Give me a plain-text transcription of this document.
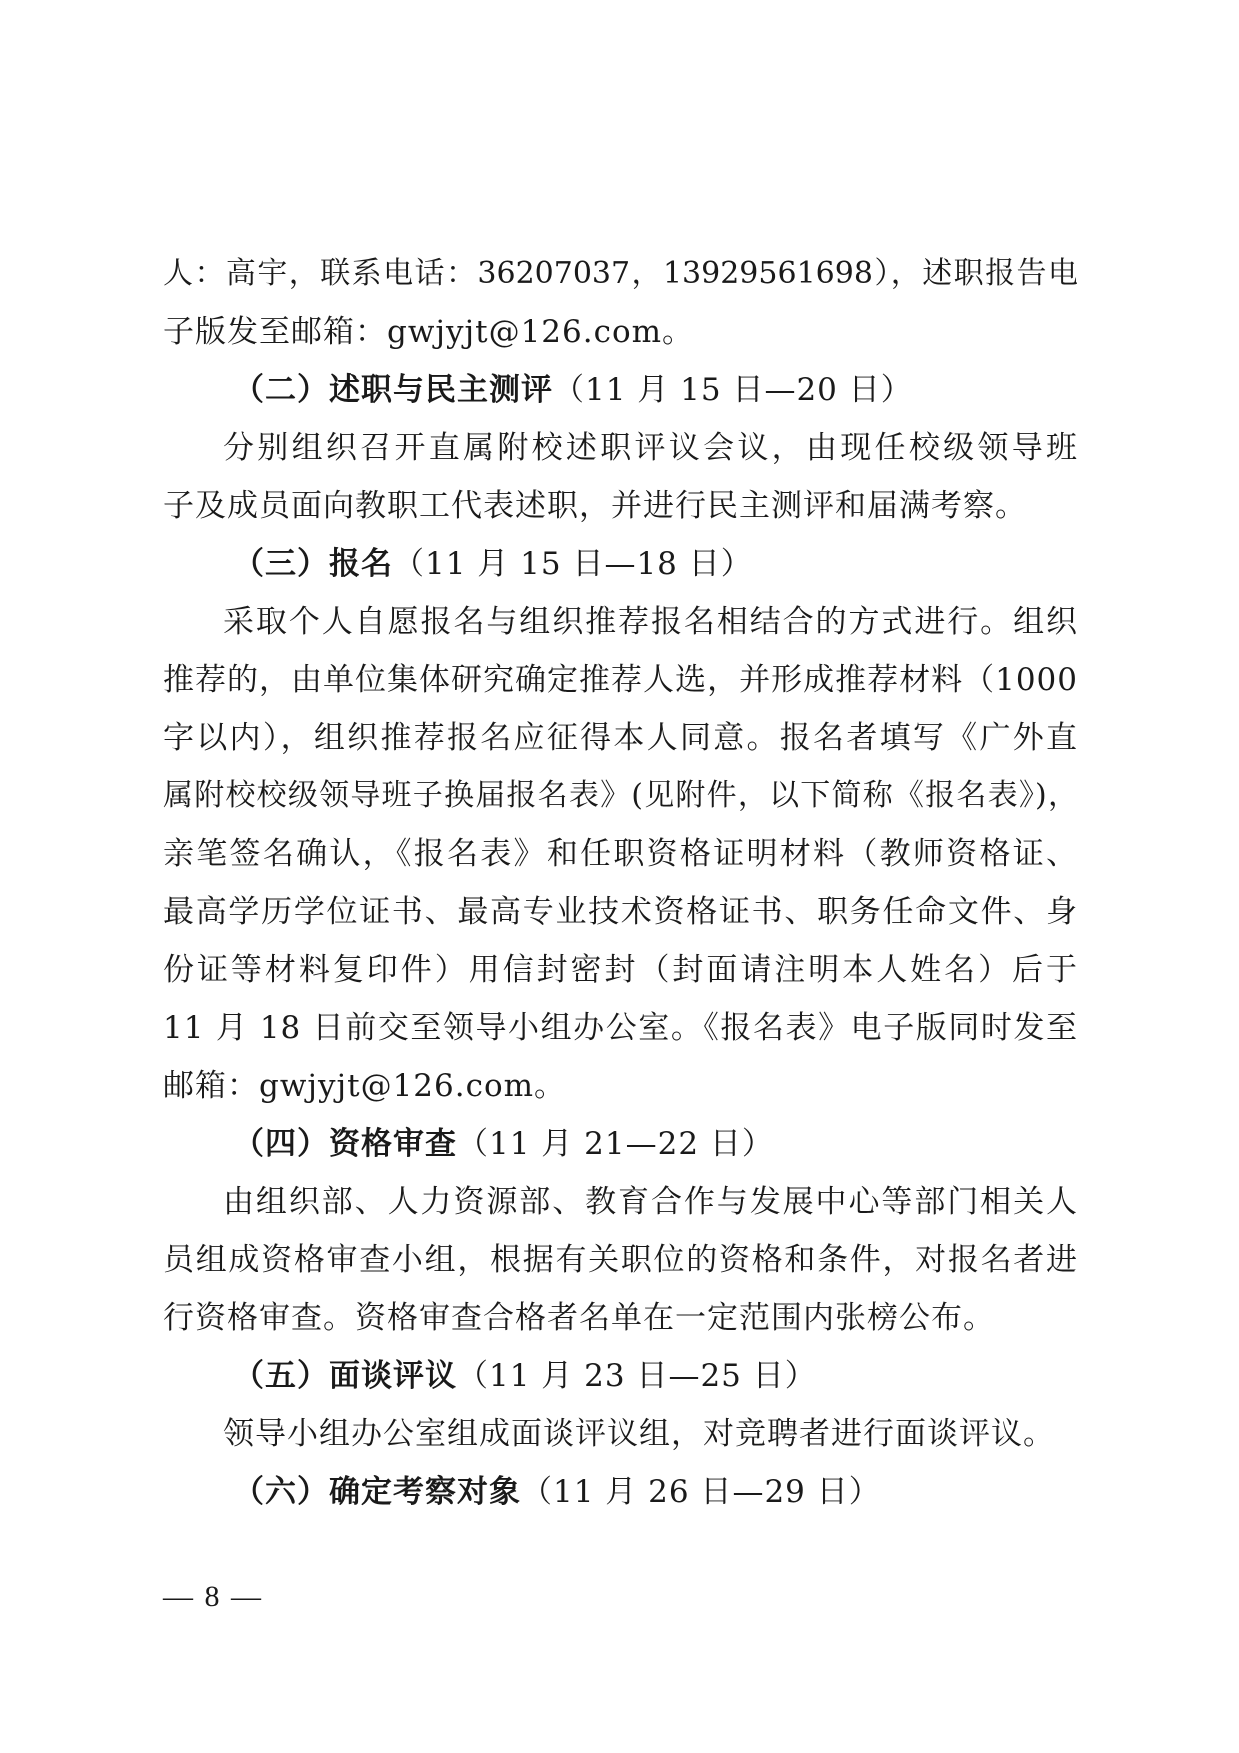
人：高宇，联系电话：36207037，13929561698），述职报告电
子版发至邮箱：gwjyjt@126.com。
（二）述职与民主测评（11 月 15 日—20 日）
分别组织召开直属附校述职评议会议，由现任校级领导班
子及成员面向教职工代表述职，并进行民主测评和届满考察。
（三）报名（11 月 15 日—18 日）
采取个人自愿报名与组织推荐报名相结合的方式进行。组织
推荐的，由单位集体研究确定推荐人选，并形成推荐材料（1000
字以内），组织推荐报名应征得本人同意。报名者填写《广外直
属附校校级领导班子换届报名表》(见附件，以下简称《报名表》)，
亲笔签名确认，《报名表》和任职资格证明材料（教师资格证、
最高学历学位证书、最高专业技术资格证书、职务任命文件、身
份证等材料复印件）用信封密封（封面请注明本人姓名）后于
11 月 18 日前交至领导小组办公室。《报名表》电子版同时发至
邮箱：gwjyjt@126.com。
（四）资格审查（11 月 21—22 日）
由组织部、人力资源部、教育合作与发展中心等部门相关人
员组成资格审查小组，根据有关职位的资格和条件，对报名者进
行资格审查。资格审查合格者名单在一定范围内张榜公布。
（五）面谈评议（11 月 23 日—25 日）
领导小组办公室组成面谈评议组，对竞聘者进行面谈评议。
（六）确定考察对象（11 月 26 日—29 日）
— 8 —
